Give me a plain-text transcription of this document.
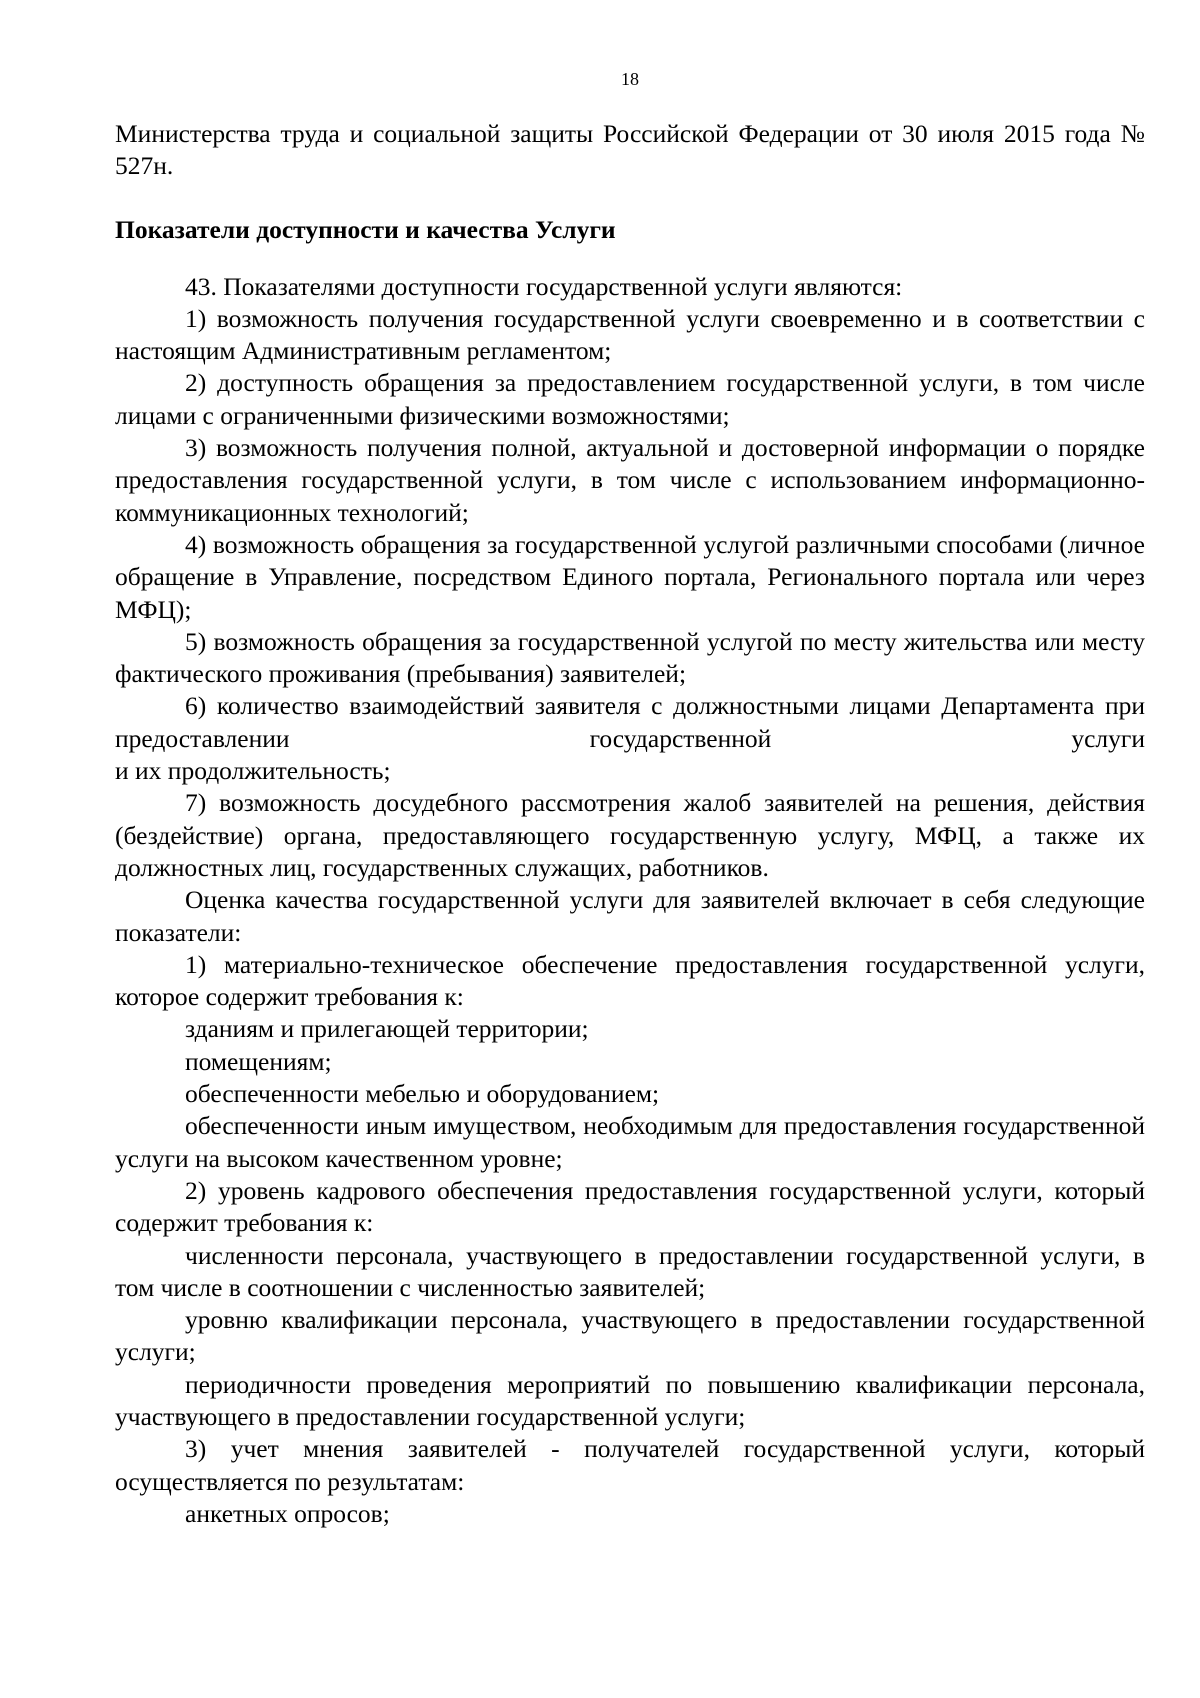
18

Министерства труда и социальной защиты Российской Федерации от 30 июля 2015 года № 527н.

Показатели доступности и качества Услуги

43. Показателями доступности государственной услуги являются:

1) возможность получения государственной услуги своевременно и в соответствии с настоящим Административным регламентом;

2) доступность обращения за предоставлением государственной услуги, в том числе лицами с ограниченными физическими возможностями;

3) возможность получения полной, актуальной и достоверной информации о порядке предоставления государственной услуги, в том числе с использованием информационно-коммуникационных технологий;

4) возможность обращения за государственной услугой различными способами (личное обращение в Управление, посредством Единого портала, Регионального портала или через МФЦ);

5) возможность обращения за государственной услугой по месту жительства или месту фактического проживания (пребывания) заявителей;

6) количество взаимодействий заявителя с должностными лицами Департамента при предоставлении государственной услуги

и их продолжительность;

7) возможность досудебного рассмотрения жалоб заявителей на решения, действия (бездействие) органа, предоставляющего государственную услугу, МФЦ, а также их должностных лиц, государственных служащих, работников.

Оценка качества государственной услуги для заявителей включает в себя следующие показатели:

1) материально-техническое обеспечение предоставления государственной услуги, которое содержит требования к:

зданиям и прилегающей территории;

помещениям;

обеспеченности мебелью и оборудованием;

обеспеченности иным имуществом, необходимым для предоставления государственной услуги на высоком качественном уровне;

2) уровень кадрового обеспечения предоставления государственной услуги, который содержит требования к:

численности персонала, участвующего в предоставлении государственной услуги, в том числе в соотношении с численностью заявителей;

уровню квалификации персонала, участвующего в предоставлении государственной услуги;

периодичности проведения мероприятий по повышению квалификации персонала, участвующего в предоставлении государственной услуги;

3) учет мнения заявителей - получателей государственной услуги, который осуществляется по результатам:

анкетных опросов;
